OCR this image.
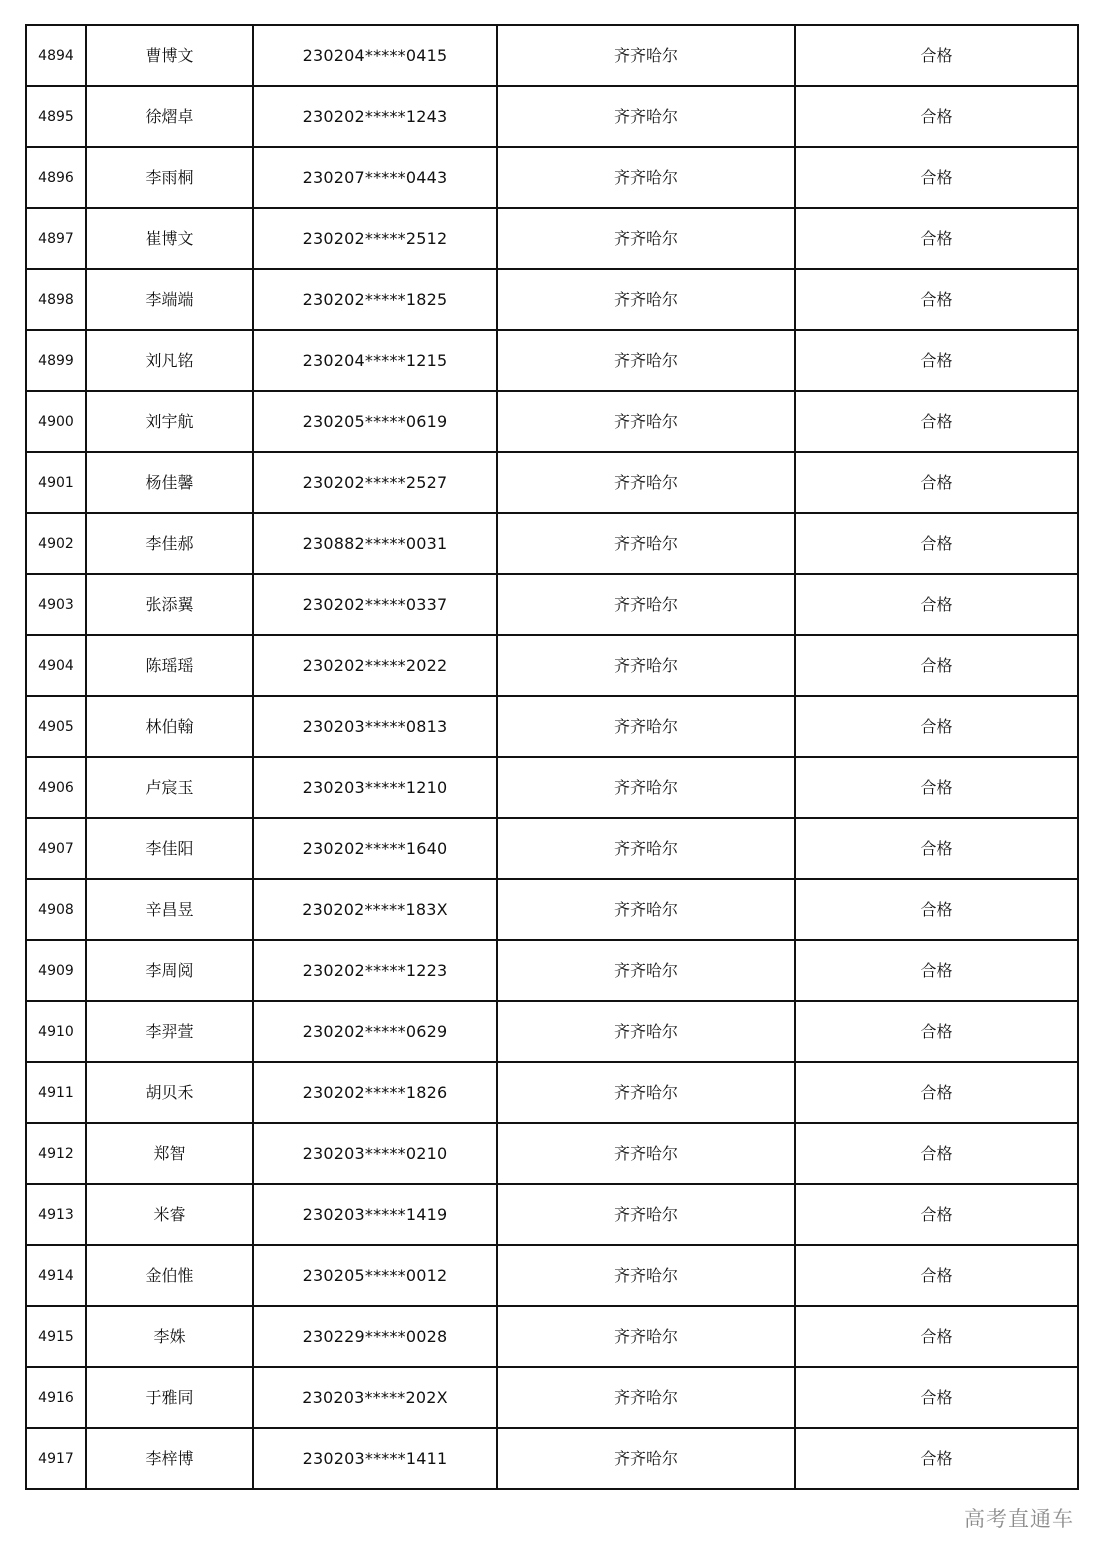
4894	曹博文	230204*****0415	齐齐哈尔	合格
4895	徐熠卓	230202*****1243	齐齐哈尔	合格
4896	李雨桐	230207*****0443	齐齐哈尔	合格
4897	崔博文	230202*****2512	齐齐哈尔	合格
4898	李端端	230202*****1825	齐齐哈尔	合格
4899	刘凡铭	230204*****1215	齐齐哈尔	合格
4900	刘宇航	230205*****0619	齐齐哈尔	合格
4901	杨佳馨	230202*****2527	齐齐哈尔	合格
4902	李佳郝	230882*****0031	齐齐哈尔	合格
4903	张添翼	230202*****0337	齐齐哈尔	合格
4904	陈瑶瑶	230202*****2022	齐齐哈尔	合格
4905	林伯翰	230203*****0813	齐齐哈尔	合格
4906	卢宸玉	230203*****1210	齐齐哈尔	合格
4907	李佳阳	230202*****1640	齐齐哈尔	合格
4908	辛昌昱	230202*****183X	齐齐哈尔	合格
4909	李周阅	230202*****1223	齐齐哈尔	合格
4910	李羿萱	230202*****0629	齐齐哈尔	合格
4911	胡贝禾	230202*****1826	齐齐哈尔	合格
4912	郑智	230203*****0210	齐齐哈尔	合格
4913	米睿	230203*****1419	齐齐哈尔	合格
4914	金伯惟	230205*****0012	齐齐哈尔	合格
4915	李姝	230229*****0028	齐齐哈尔	合格
4916	于雅同	230203*****202X	齐齐哈尔	合格
4917	李梓博	230203*****1411	齐齐哈尔	合格
高考直通车
